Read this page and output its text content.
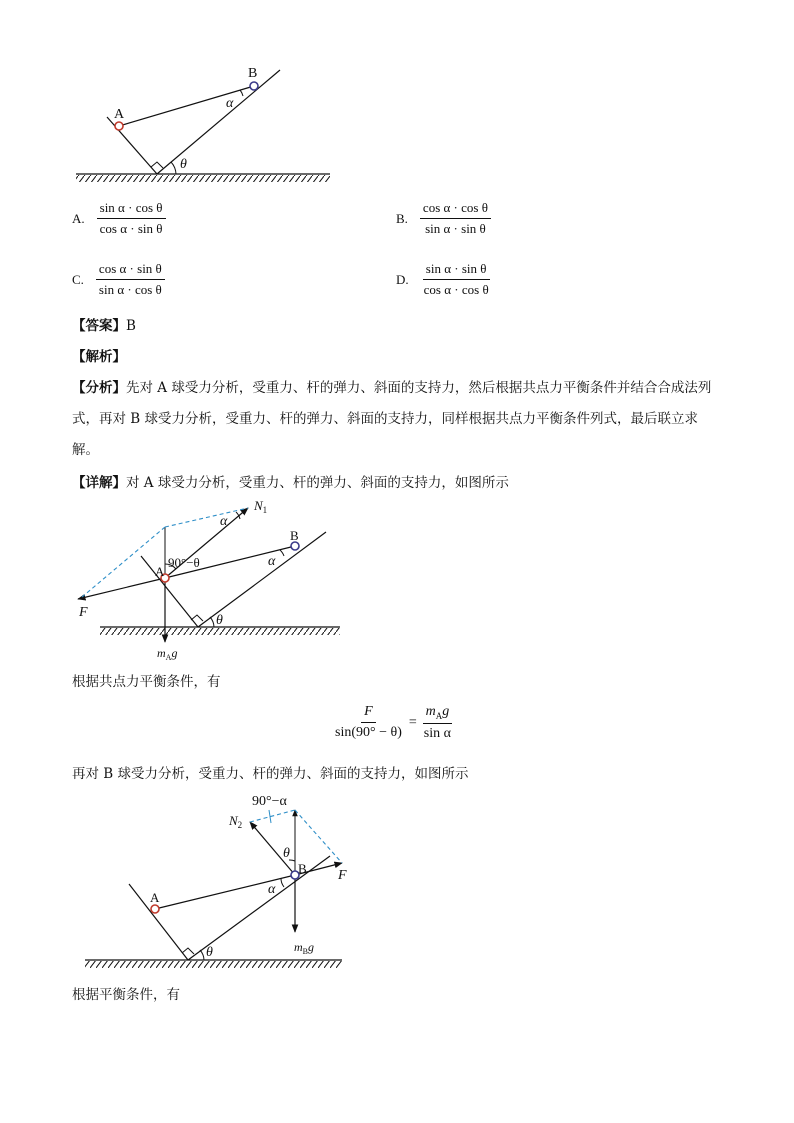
A
B
α
θ
A. $\frac{\text{sin α · cos θ}}{\text{cos α · sin θ}}$	B. $\frac{\text{cos α · cos θ}}{\text{sin α · sin θ}}$
C. $\frac{\text{cos α · sin θ}}{\text{sin α · cos θ}}$	D. $\frac{\text{sin α · sin θ}}{\text{cos α · cos θ}}$
【答案】B
【解析】
【分析】先对 A 球受力分析，受重力、杆的弹力、斜面的支持力，然后根据共点力平衡条件并结合合成法列式，再对 B 球受力分析，受重力、杆的弹力、斜面的支持力，同样根据共点力平衡条件列式，最后联立求解。
【详解】对 A 球受力分析，受重力、杆的弹力、斜面的支持力，如图所示
$N_1$
α
90°−θ
A
B
α
F
θ
$m_Ag$
根据共点力平衡条件，有
$\frac{F}{\sin(90^\circ - \theta)} = \frac{m_Ag}{\text{sin α}}$
再对 B 球受力分析，受重力、杆的弹力、斜面的支持力，如图所示
90°−α
$N_2$
θ
B
α
F
A
$m_Bg$
θ
根据平衡条件，有
